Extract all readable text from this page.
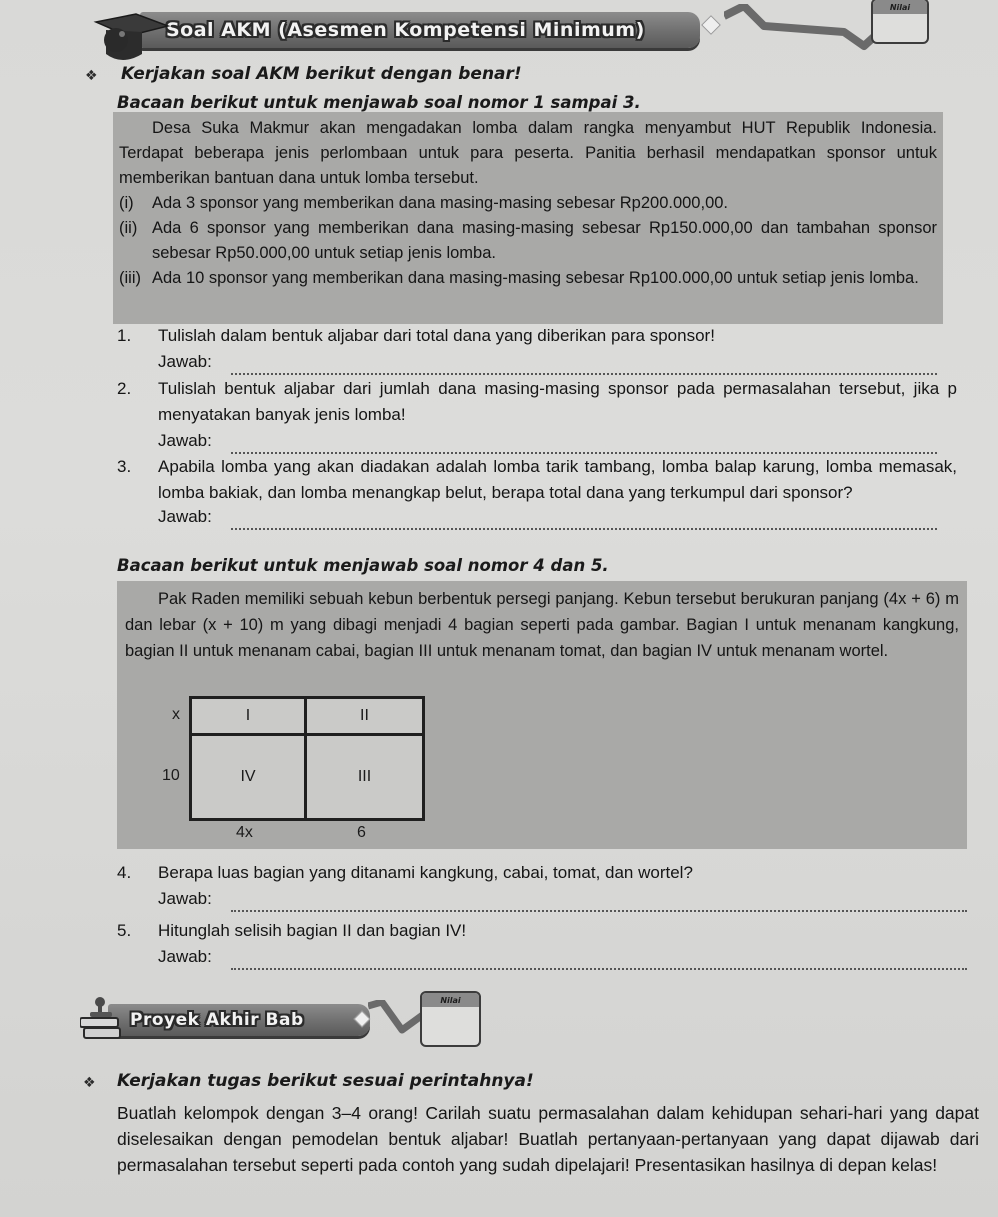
Soal AKM (Asesmen Kompetensi Minimum)
Nilai
❖ Kerjakan soal AKM berikut dengan benar!
Bacaan berikut untuk menjawab soal nomor 1 sampai 3.

Desa Suka Makmur akan mengadakan lomba dalam rangka menyambut HUT Republik Indonesia. Terdapat beberapa jenis perlombaan untuk para peserta. Panitia berhasil mendapatkan sponsor untuk memberikan bantuan dana untuk lomba tersebut.

(i)	Ada 3 sponsor yang memberikan dana masing-masing sebesar Rp200.000,00.
(ii) Ada 6 sponsor yang memberikan dana masing-masing sebesar Rp150.000,00 dan tambahan sponsor sebesar Rp50.000,00 untuk setiap jenis lomba.
(iii) Ada 10 sponsor yang memberikan dana masing-masing sebesar Rp100.000,00 untuk setiap jenis lomba.
1.	Tulislah dalam bentuk aljabar dari total dana yang diberikan para sponsor!
Jawab:
2.	Tulislah bentuk aljabar dari jumlah dana masing-masing sponsor pada permasalahan tersebut, jika p menyatakan banyak jenis lomba!
Jawab:
3.	Apabila lomba yang akan diadakan adalah lomba tarik tambang, lomba balap karung, lomba memasak, lomba bakiak, dan lomba menangkap belut, berapa total dana yang terkumpul dari sponsor?
Jawab:
Bacaan berikut untuk menjawab soal nomor 4 dan 5.

Pak Raden memiliki sebuah kebun berbentuk persegi panjang. Kebun tersebut berukuran panjang (4x + 6) m dan lebar (x + 10) m yang dibagi menjadi 4 bagian seperti pada gambar. Bagian I untuk menanam kangkung, bagian II untuk menanam cabai, bagian III untuk menanam tomat, dan bagian IV untuk menanam wortel.

x
10
I	II
IV	III
4x	6
4.	Berapa luas bagian yang ditanami kangkung, cabai, tomat, dan wortel?
Jawab:
5.	Hitunglah selisih bagian II dan bagian IV!
Jawab:
Proyek Akhir Bab
Nilai
❖ Kerjakan tugas berikut sesuai perintahnya!

Buatlah kelompok dengan 3–4 orang! Carilah suatu permasalahan dalam kehidupan sehari-hari yang dapat diselesaikan dengan pemodelan bentuk aljabar! Buatlah pertanyaan-pertanyaan yang dapat dijawab dari permasalahan tersebut seperti pada contoh yang sudah dipelajari! Presentasikan hasilnya di depan kelas!
